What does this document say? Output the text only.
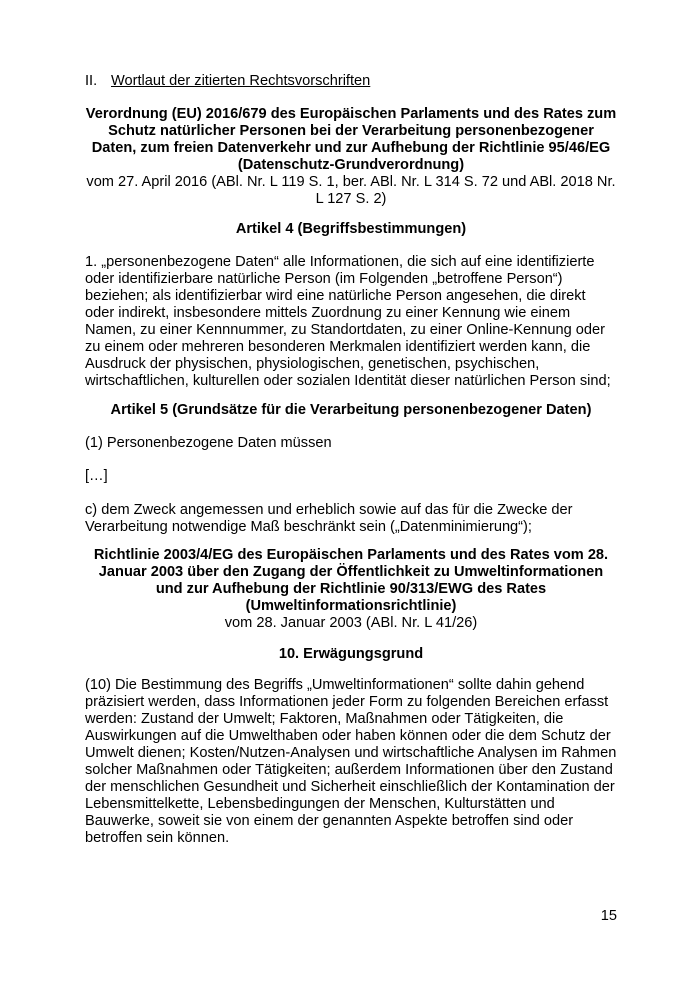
II. Wortlaut der zitierten Rechtsvorschriften
Verordnung (EU) 2016/679 des Europäischen Parlaments und des Rates zum Schutz natürlicher Personen bei der Verarbeitung personenbezogener Daten, zum freien Datenverkehr und zur Aufhebung der Richtlinie 95/46/EG (Datenschutz-Grundverordnung)
vom 27. April 2016 (ABl. Nr. L 119 S. 1, ber. ABl. Nr. L 314 S. 72 und ABl. 2018 Nr. L 127 S. 2)
Artikel 4 (Begriffsbestimmungen)

1. „personenbezogene Daten“ alle Informationen, die sich auf eine identifizierte oder identifizierbare natürliche Person (im Folgenden „betroffene Person“) beziehen; als identifizierbar wird eine natürliche Person angesehen, die direkt oder indirekt, insbesondere mittels Zuordnung zu einer Kennung wie einem Namen, zu einer Kennnummer, zu Standortdaten, zu einer Online-Kennung oder zu einem oder mehreren besonderen Merkmalen identifiziert werden kann, die Ausdruck der physischen, physiologischen, genetischen, psychischen, wirtschaftlichen, kulturellen oder sozialen Identität dieser natürlichen Person sind;

Artikel 5 (Grundsätze für die Verarbeitung personenbezogener Daten)

(1) Personenbezogene Daten müssen

[…]

c) dem Zweck angemessen und erheblich sowie auf das für die Zwecke der Verarbeitung notwendige Maß beschränkt sein („Datenminimierung“);

Richtlinie 2003/4/EG des Europäischen Parlaments und des Rates vom 28. Januar 2003 über den Zugang der Öffentlichkeit zu Umweltinformationen und zur Aufhebung der Richtlinie 90/313/EWG des Rates (Umweltinformationsrichtlinie)
vom 28. Januar 2003 (ABl. Nr. L 41/26)
10. Erwägungsgrund

(10) Die Bestimmung des Begriffs „Umweltinformationen“ sollte dahin gehend präzisiert werden, dass Informationen jeder Form zu folgenden Bereichen erfasst werden: Zustand der Umwelt; Faktoren, Maßnahmen oder Tätigkeiten, die Auswirkungen auf die Umwelthaben oder haben können oder die dem Schutz der Umwelt dienen; Kosten/Nutzen-Analysen und wirtschaftliche Analysen im Rahmen solcher Maßnahmen oder Tätigkeiten; außerdem Informationen über den Zustand der menschlichen Gesundheit und Sicherheit einschließlich der Kontamination der Lebensmittelkette, Lebensbedingungen der Menschen, Kulturstätten und Bauwerke, soweit sie von einem der genannten Aspekte betroffen sind oder betroffen sein können.

15
